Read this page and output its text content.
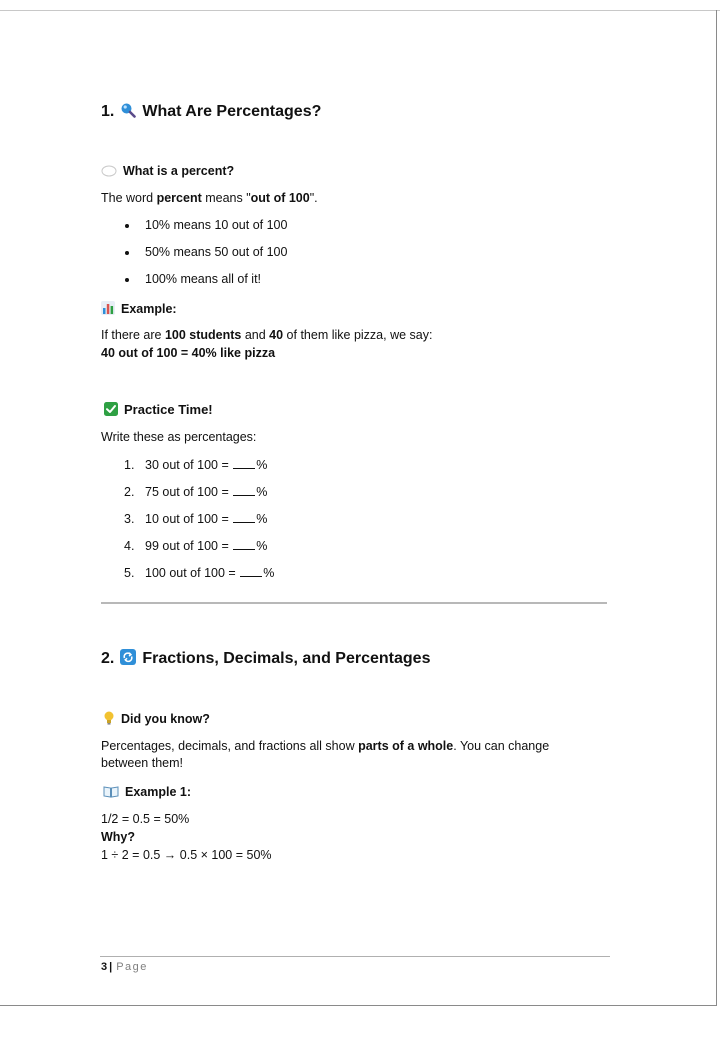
1. What Are Percentages?
What is a percent?
The word percent means "out of 100".
10% means 10 out of 100
50% means 50 out of 100
100% means all of it!
Example:
If there are 100 students and 40 of them like pizza, we say:
40 out of 100 = 40% like pizza
Practice Time!
Write these as percentages:
1. 30 out of 100 = %
2. 75 out of 100 = %
3. 10 out of 100 = %
4. 99 out of 100 = %
5. 100 out of 100 = %
2. Fractions, Decimals, and Percentages
Did you know?
Percentages, decimals, and fractions all show parts of a whole. You can change
between them!
Example 1:
1/2 = 0.5 = 50%
Why?
1 ÷ 2 = 0.5 → 0.5 × 100 = 50%
3 | Page
